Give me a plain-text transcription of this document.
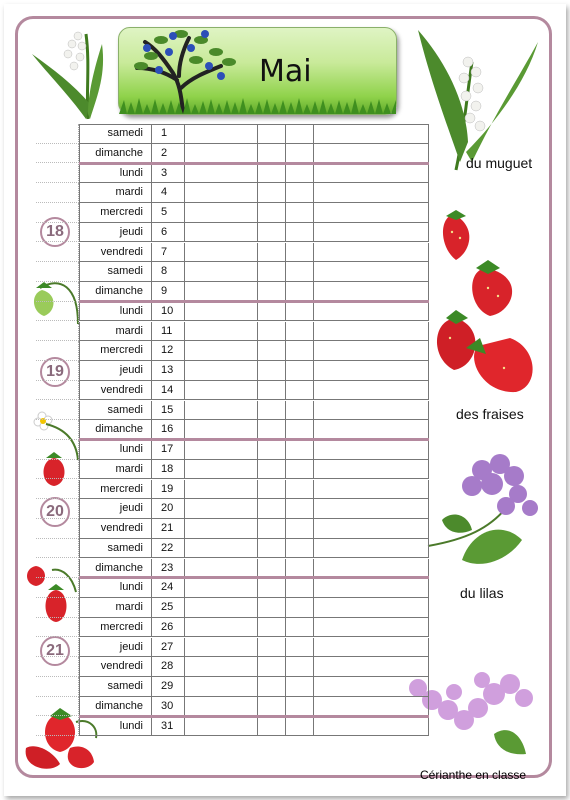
Mai
du muguet
des fraises
du lilas
18
19
20
21
samedi	1
dimanche	2
lundi	3
mardi	4
mercredi	5
jeudi	6
vendredi	7
samedi	8
dimanche	9
lundi	10
mardi	11
mercredi	12
jeudi	13
vendredi	14
samedi	15
dimanche	16
lundi	17
mardi	18
mercredi	19
jeudi	20
vendredi	21
samedi	22
dimanche	23
lundi	24
mardi	25
mercredi	26
jeudi	27
vendredi	28
samedi	29
dimanche	30
lundi	31
Cérianthe en classe
